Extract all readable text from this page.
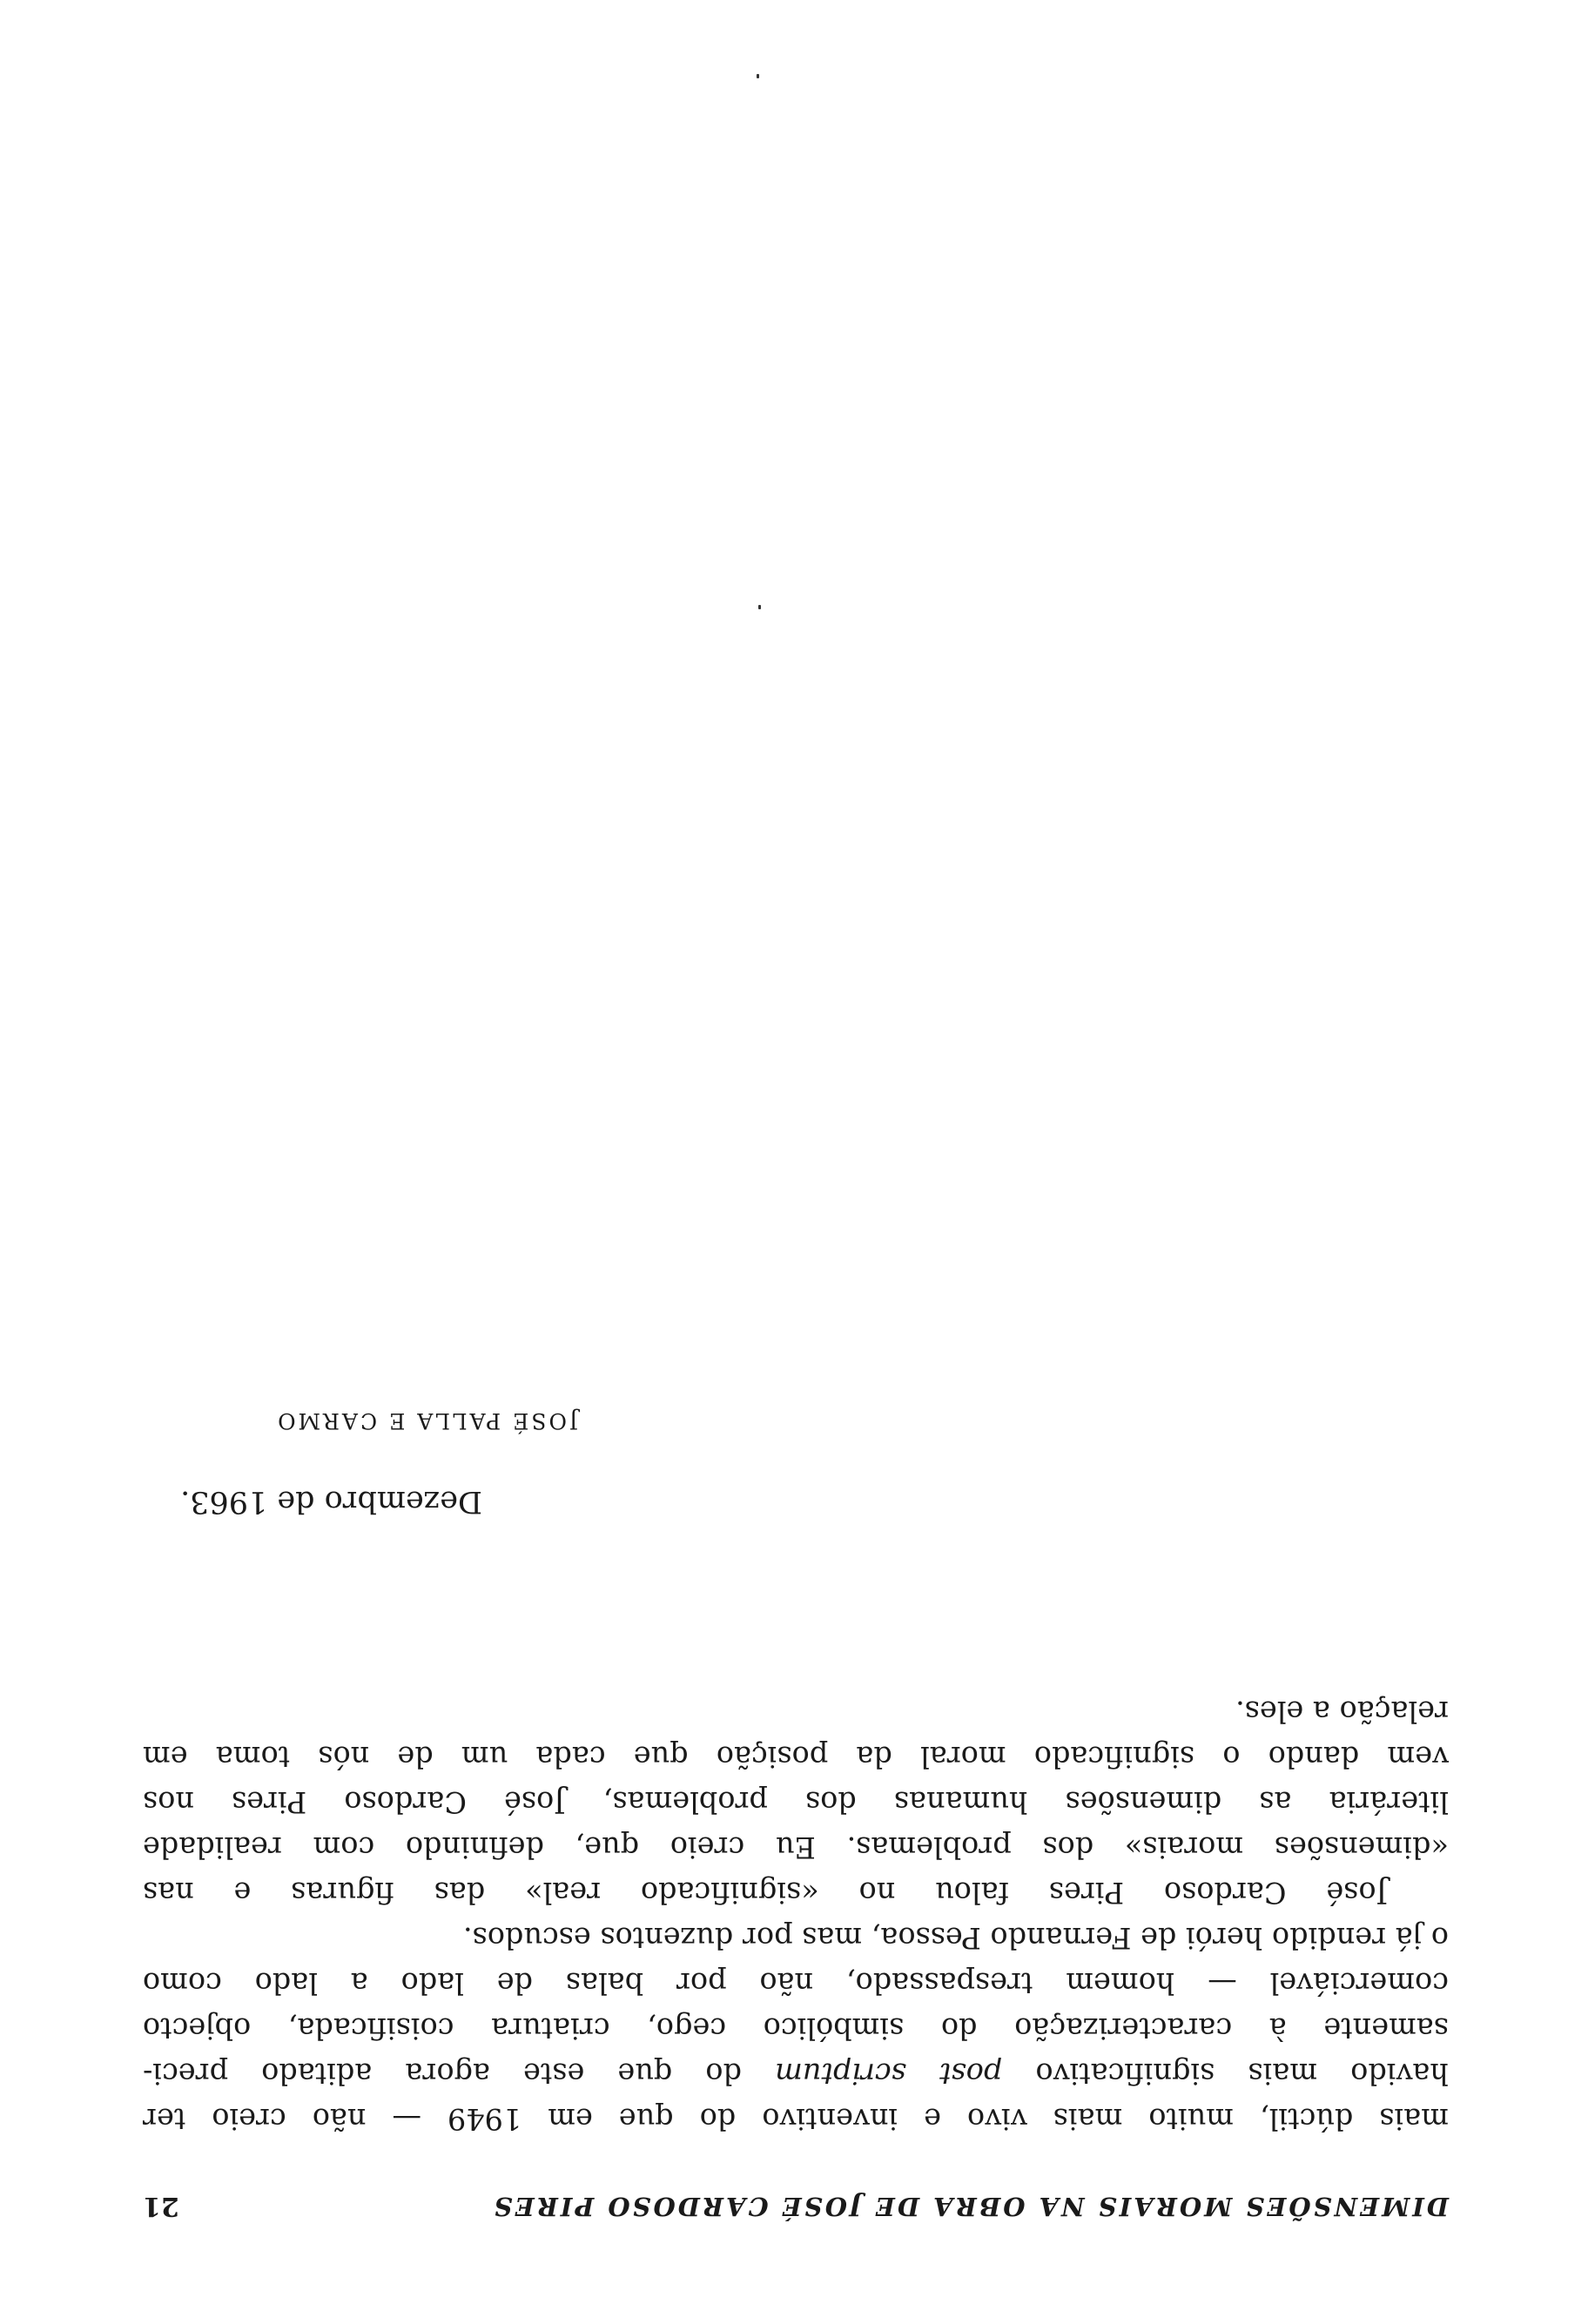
DIMENSÕES MORAIS NA OBRA DE JOSÉ CARDOSO PIRES
21
mais dúctil, muito mais vivo e inventivo do que em 1949 — não creio ter
havido mais significativo post scriptum do que este agora aditado preci-
samente à caracterização do simbólico cego, criatura coisificada, objecto
comerciável — homem trespassado, não por balas de lado a lado como
o já rendido herói de Fernando Pessoa, mas por duzentos escudos.
José Cardoso Pires falou no «significado real» das figuras e nas
«dimensões morais» dos problemas. Eu creio que, definindo com realidade
literária as dimensões humanas dos problemas, José Cardoso Pires nos
vem dando o significado moral da posição que cada um de nós toma em
relação a eles.
Dezembro de 1963.
JOSÉ PALLA E CARMO
